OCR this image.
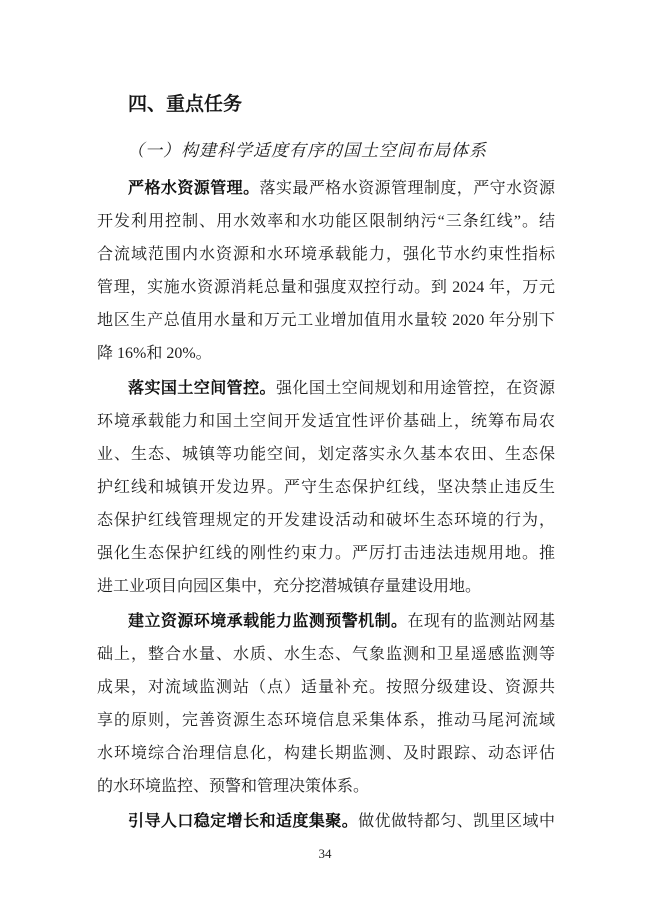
四、重点任务
（一）构建科学适度有序的国土空间布局体系
严格水资源管理。落实最严格水资源管理制度，严守水资源
开发利用控制、用水效率和水功能区限制纳污“三条红线”。结
合流域范围内水资源和水环境承载能力，强化节水约束性指标
管理，实施水资源消耗总量和强度双控行动。到 2024 年，万元
地区生产总值用水量和万元工业增加值用水量较 2020 年分别下
降 16%和 20%。
落实国土空间管控。强化国土空间规划和用途管控，在资源
环境承载能力和国土空间开发适宜性评价基础上，统筹布局农
业、生态、城镇等功能空间，划定落实永久基本农田、生态保
护红线和城镇开发边界。严守生态保护红线，坚决禁止违反生
态保护红线管理规定的开发建设活动和破坏生态环境的行为，
强化生态保护红线的刚性约束力。严厉打击违法违规用地。推
进工业项目向园区集中，充分挖潜城镇存量建设用地。
建立资源环境承载能力监测预警机制。在现有的监测站网基
础上，整合水量、水质、水生态、气象监测和卫星遥感监测等
成果，对流域监测站（点）适量补充。按照分级建设、资源共
享的原则，完善资源生态环境信息采集体系，推动马尾河流域
水环境综合治理信息化，构建长期监测、及时跟踪、动态评估
的水环境监控、预警和管理决策体系。
引导人口稳定增长和适度集聚。做优做特都匀、凯里区域中
34
